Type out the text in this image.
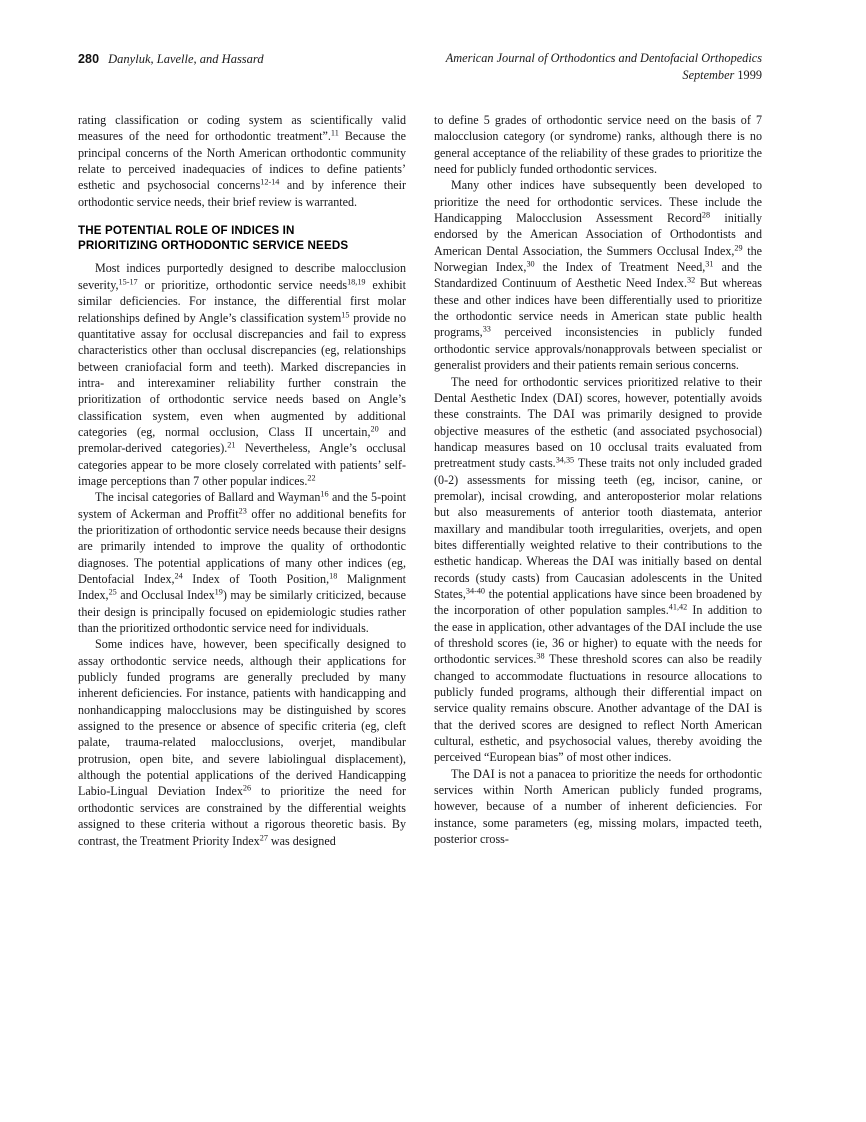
280 Danyluk, Lavelle, and Hassard	American Journal of Orthodontics and Dentofacial Orthopedics
September 1999

rating classification or coding system as scientifically valid measures of the need for orthodontic treatment”.$^{11}$ Because the principal concerns of the North American orthodontic community relate to perceived inadequacies of indices to define patients’ esthetic and psychosocial concerns$^{12-14}$ and by inference their orthodontic service needs, their brief review is warranted.

THE POTENTIAL ROLE OF INDICES IN
PRIORITIZING ORTHODONTIC SERVICE NEEDS

Most indices purportedly designed to describe malocclusion severity,$^{15-17}$ or prioritize, orthodontic service needs$^{18,19}$ exhibit similar deficiencies. For instance, the differential first molar relationships defined by Angle’s classification system$^{15}$ provide no quantitative assay for occlusal discrepancies and fail to express characteristics other than occlusal discrepancies (eg, relationships between craniofacial form and teeth). Marked discrepancies in intra- and interexaminer reliability further constrain the prioritization of orthodontic service needs based on Angle’s classification system, even when augmented by additional categories (eg, normal occlusion, Class II uncertain,$^{20}$ and premolar-derived categories).$^{21}$ Nevertheless, Angle’s occlusal categories appear to be more closely correlated with patients’ self-image perceptions than 7 other popular indices.$^{22}$

The incisal categories of Ballard and Wayman$^{16}$ and the 5-point system of Ackerman and Proffit$^{23}$ offer no additional benefits for the prioritization of orthodontic service needs because their designs are primarily intended to improve the quality of orthodontic diagnoses. The potential applications of many other indices (eg, Dentofacial Index,$^{24}$ Index of Tooth Position,$^{18}$ Malignment Index,$^{25}$ and Occlusal Index$^{19}$) may be similarly criticized, because their design is principally focused on epidemiologic studies rather than the prioritized orthodontic service need for individuals.

Some indices have, however, been specifically designed to assay orthodontic service needs, although their applications for publicly funded programs are generally precluded by many inherent deficiencies. For instance, patients with handicapping and nonhandicapping malocclusions may be distinguished by scores assigned to the presence or absence of specific criteria (eg, cleft palate, trauma-related malocclusions, overjet, mandibular protrusion, open bite, and severe labiolingual displacement), although the potential applications of the derived Handicapping Labio-Lingual Deviation Index$^{26}$ to prioritize the need for orthodontic services are constrained by the differential weights assigned to these criteria without a rigorous theoretic basis. By contrast, the Treatment Priority Index$^{27}$ was designed

to define 5 grades of orthodontic service need on the basis of 7 malocclusion category (or syndrome) ranks, although there is no general acceptance of the reliability of these grades to prioritize the need for publicly funded orthodontic services.

Many other indices have subsequently been developed to prioritize the need for orthodontic services. These include the Handicapping Malocclusion Assessment Record$^{28}$ initially endorsed by the American Association of Orthodontists and American Dental Association, the Summers Occlusal Index,$^{29}$ the Norwegian Index,$^{30}$ the Index of Treatment Need,$^{31}$ and the Standardized Continuum of Aesthetic Need Index.$^{32}$ But whereas these and other indices have been differentially used to prioritize the orthodontic service needs in American state public health programs,$^{33}$ perceived inconsistencies in publicly funded orthodontic service approvals/nonapprovals between specialist or generalist providers and their patients remain serious concerns.

The need for orthodontic services prioritized relative to their Dental Aesthetic Index (DAI) scores, however, potentially avoids these constraints. The DAI was primarily designed to provide objective measures of the esthetic (and associated psychosocial) handicap measures based on 10 occlusal traits evaluated from pretreatment study casts.$^{34,35}$ These traits not only included graded (0-2) assessments for missing teeth (eg, incisor, canine, or premolar), incisal crowding, and anteroposterior molar relations but also measurements of anterior tooth diastemata, anterior maxillary and mandibular tooth irregularities, overjets, and open bites differentially weighted relative to their contributions to the esthetic handicap. Whereas the DAI was initially based on dental records (study casts) from Caucasian adolescents in the United States,$^{34-40}$ the potential applications have since been broadened by the incorporation of other population samples.$^{41,42}$ In addition to the ease in application, other advantages of the DAI include the use of threshold scores (ie, 36 or higher) to equate with the needs for orthodontic services.$^{38}$ These threshold scores can also be readily changed to accommodate fluctuations in resource allocations to publicly funded programs, although their differential impact on service quality remains obscure. Another advantage of the DAI is that the derived scores are designed to reflect North American cultural, esthetic, and psychosocial values, thereby avoiding the perceived “European bias” of most other indices.

The DAI is not a panacea to prioritize the needs for orthodontic services within North American publicly funded programs, however, because of a number of inherent deficiencies. For instance, some parameters (eg, missing molars, impacted teeth, posterior cross-
